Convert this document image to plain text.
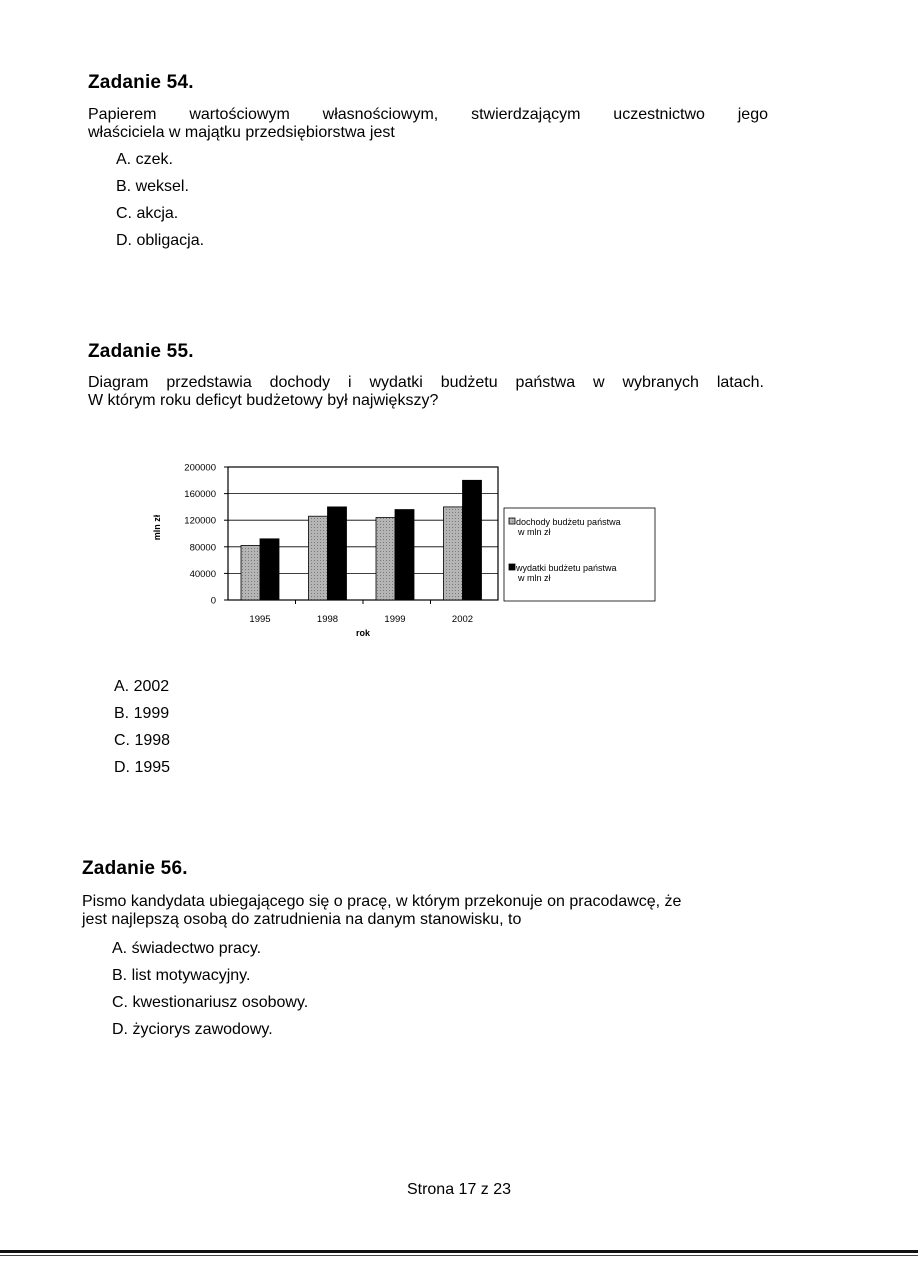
Zadanie 54.

Papierem wartościowym własnościowym, stwierdzającym uczestnictwo jego
właściciela w majątku przedsiębiorstwa jest

A. czek.
B. weksel.
C. akcja.
D. obligacja.
Zadanie 55.

Diagram przedstawia dochody i wydatki budżetu państwa w wybranych latach.
W którym roku deficyt budżetowy był największy?

200000
160000
120000
80000
40000
0
mln zł
1995	1998	1999	2002
rok
dochody budżetu państwa
w mln zł
wydatki budżetu państwa
w mln zł
A. 2002
B. 1999
C. 1998
D. 1995
Zadanie 56.

Pismo kandydata ubiegającego się o pracę, w którym przekonuje on pracodawcę, że
jest najlepszą osobą do zatrudnienia na danym stanowisku, to

A. świadectwo pracy.
B. list motywacyjny.
C. kwestionariusz osobowy.
D. życiorys zawodowy.
Strona 17 z 23
